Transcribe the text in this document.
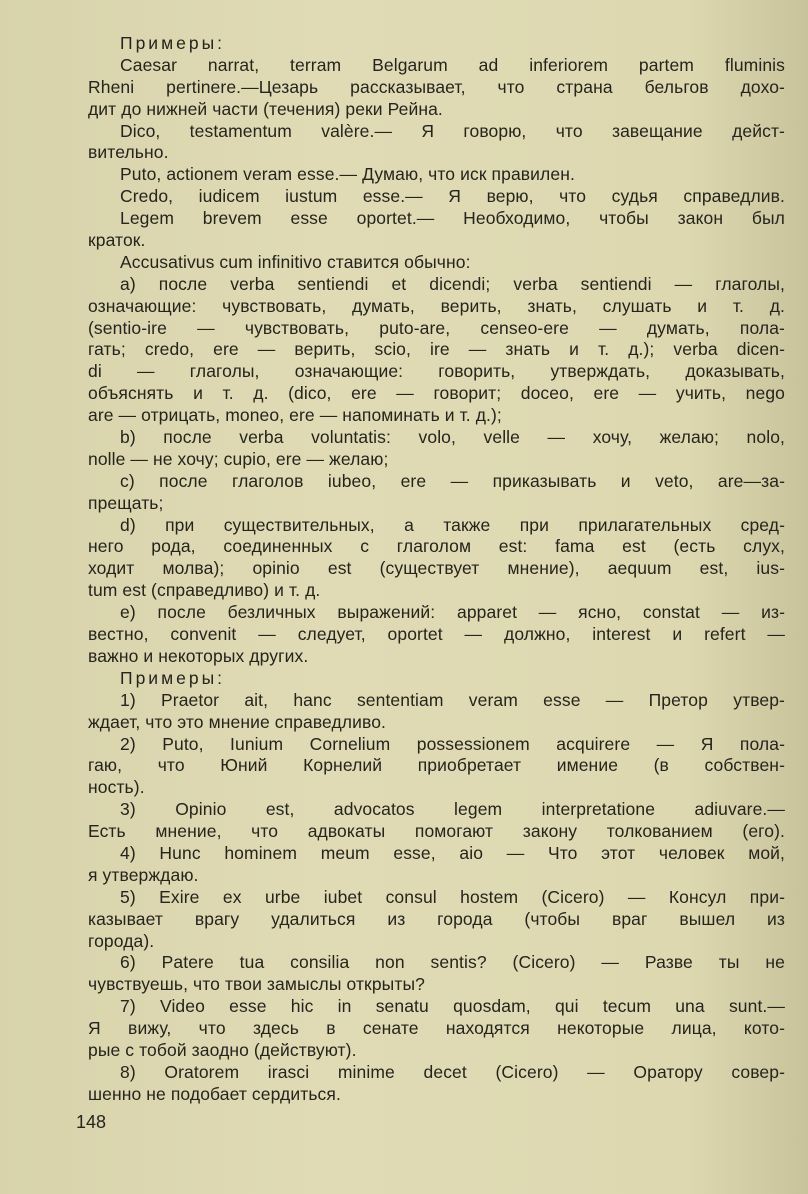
Примеры:
Caesar narrat, terram Belgarum ad inferiorem partem fluminis
Rheni pertinere.—Цезарь рассказывает, что страна бельгов дохо-
дит до нижней части (течения) реки Рейна.
Dico, testamentum valère.— Я говорю, что завещание дейст-
вительно.
Puto, actionem veram esse.— Думаю, что иск правилен.
Credo, iudicem iustum esse.— Я верю, что судья справедлив.
Legem brevem esse oportet.— Необходимо, чтобы закон был
краток.
Accusativus cum infinitivo ставится обычно:
a) после verba sentiendi et dicendi; verba sentiendi — глаголы,
означающие: чувствовать, думать, верить, знать, слушать и т. д.
(sentio-ire — чувствовать, puto-are, censeo-ere — думать, пола-
гать; credo, ere — верить, scio, ire — знать и т. д.); verba dicen-
di — глаголы, означающие: говорить, утверждать, доказывать,
объяснять и т. д. (dico, ere — говорит; doceo, ere — учить, nego
are — отрицать, moneo, ere — напоминать и т. д.);
b) после verba voluntatis: volo, velle — хочу, желаю; nolo,
nolle — не хочу; cupio, ere — желаю;
c) после глаголов iubeo, ere — приказывать и veto, are—за-
прещать;
d) при существительных, а также при прилагательных сред-
него рода, соединенных с глаголом est: fama est (есть слух,
ходит молва); opinio est (существует мнение), aequum est, ius-
tum est (справедливо) и т. д.
e) после безличных выражений: apparet — ясно, constat — из-
вестно, convenit — следует, oportet — должно, interest и refert —
важно и некоторых других.
Примеры:
1) Praetor ait, hanc sententiam veram esse — Претор утвер-
ждает, что это мнение справедливо.
2) Puto, Iunium Cornelium possessionem acquirere — Я пола-
гаю, что Юний Корнелий приобретает имение (в собствен-
ность).
3) Opinio est, advocatos legem interpretatione adiuvare.—
Есть мнение, что адвокаты помогают закону толкованием (его).
4) Hunc hominem meum esse, aio — Что этот человек мой,
я утверждаю.
5) Exire ex urbe iubet consul hostem (Cicero) — Консул при-
казывает врагу удалиться из города (чтобы враг вышел из
города).
6) Patere tua consilia non sentis? (Cicero) — Разве ты не
чувствуешь, что твои замыслы открыты?
7) Video esse hic in senatu quosdam, qui tecum una sunt.—
Я вижу, что здесь в сенате находятся некоторые лица, кото-
рые с тобой заодно (действуют).
8) Oratorem irasci minime decet (Cicero) — Оратору совер-
шенно не подобает сердиться.
148
